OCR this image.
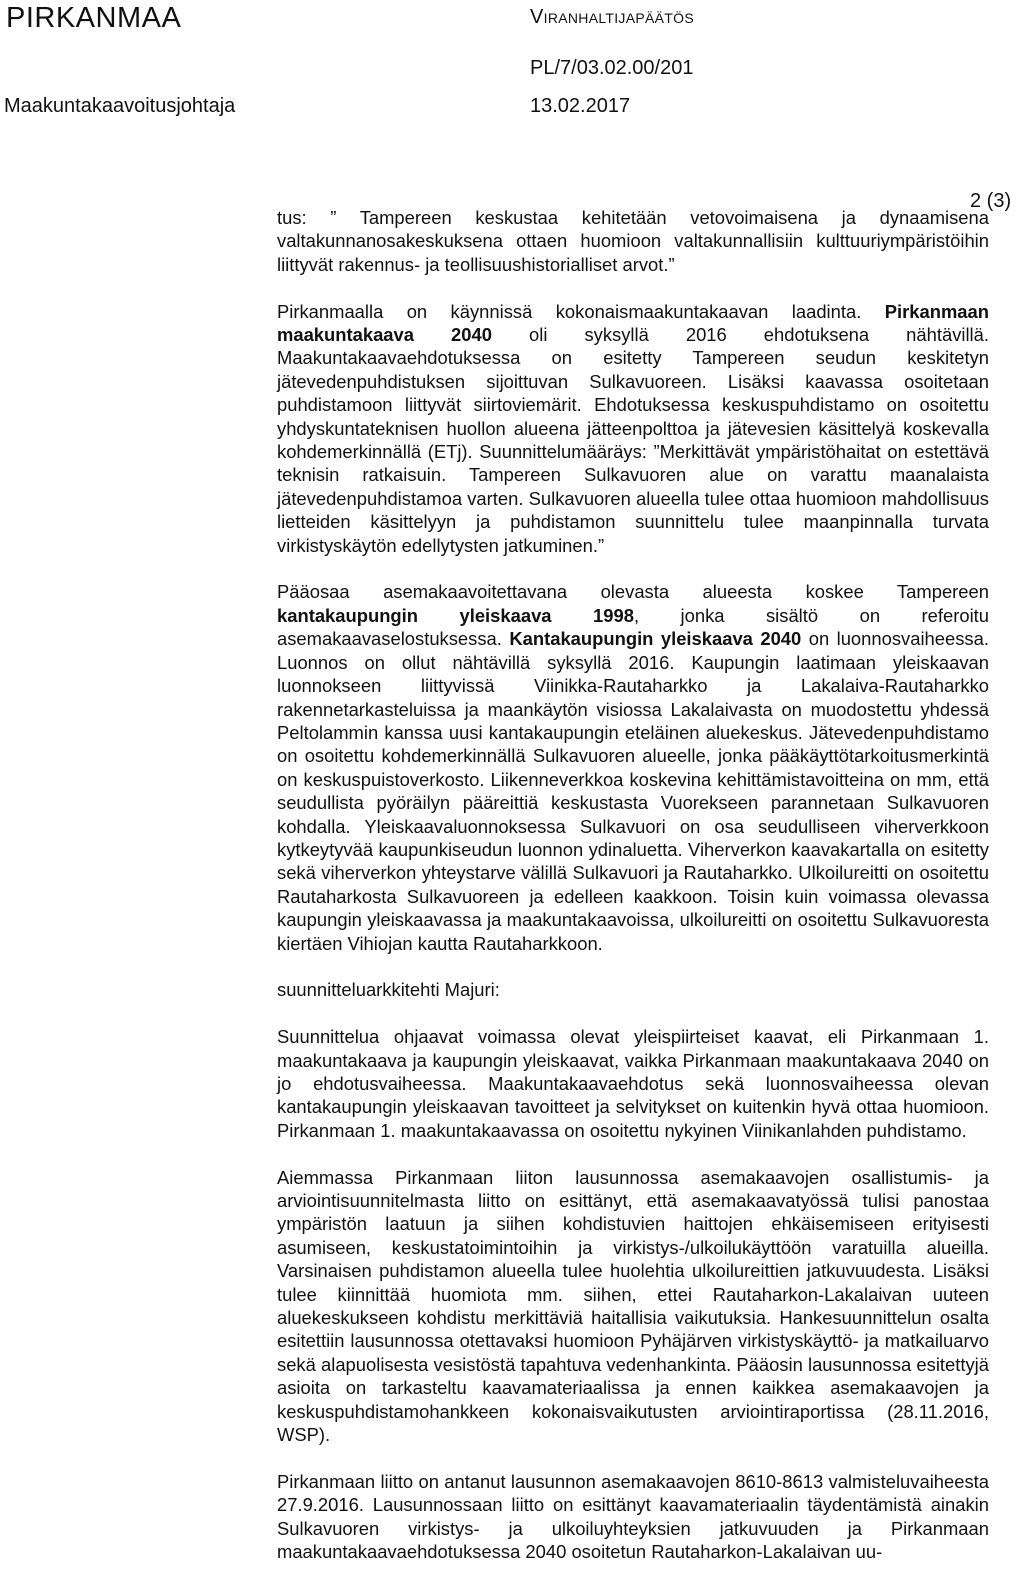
PIRKANMAA	Viranhaltijapäätös
PL/7/03.02.00/201
Maakuntakaavoitusjohtaja	13.02.2017
2 (3)

tus: ” Tampereen keskustaa kehitetään vetovoimaisena ja dynaamisena valtakunnanosakeskuksena ottaen huomioon valtakunnallisiin kulttuuriympäristöihin liittyvät rakennus- ja teollisuushistorialliset arvot.”

Pirkanmaalla on käynnissä kokonaismaakuntakaavan laadinta. Pirkanmaan maakuntakaava 2040 oli syksyllä 2016 ehdotuksena nähtävillä. Maakuntakaavaehdotuksessa on esitetty Tampereen seudun keskitetyn jätevedenpuhdistuksen sijoittuvan Sulkavuoreen. Lisäksi kaavassa osoitetaan puhdistamoon liittyvät siirtoviemärit. Ehdotuksessa keskuspuhdistamo on osoitettu yhdyskuntateknisen huollon alueena jätteenpolttoa ja jätevesien käsittelyä koskevalla kohdemerkinnällä (ETj). Suunnittelumääräys: ”Merkittävät ympäristöhaitat on estettävä teknisin ratkaisuin. Tampereen Sulkavuoren alue on varattu maanalaista jätevedenpuhdistamoa varten. Sulkavuoren alueella tulee ottaa huomioon mahdollisuus lietteiden käsittelyyn ja puhdistamon suunnittelu tulee maanpinnalla turvata virkistyskäytön edellytysten jatkuminen.”

Pääosaa asemakaavoitettavana olevasta alueesta koskee Tampereen kantakaupungin yleiskaava 1998, jonka sisältö on referoitu asemakaavaselostuksessa. Kantakaupungin yleiskaava 2040 on luonnosvaiheessa. Luonnos on ollut nähtävillä syksyllä 2016. Kaupungin laatimaan yleiskaavan luonnokseen liittyvissä Viinikka-Rautaharkko ja Lakalaiva-Rautaharkko rakennetarkasteluissa ja maankäytön visiossa Lakalaivasta on muodostettu yhdessä Peltolammin kanssa uusi kantakaupungin eteläinen aluekeskus. Jätevedenpuhdistamo on osoitettu kohdemerkinnällä Sulkavuoren alueelle, jonka pääkäyttötarkoitusmerkintä on keskuspuistoverkosto. Liikenneverkkoa koskevina kehittämistavoitteina on mm, että seudullista pyöräilyn pääreittiä keskustasta Vuorekseen parannetaan Sulkavuoren kohdalla. Yleiskaavaluonnoksessa Sulkavuori on osa seudulliseen viherverkkoon kytkeytyvää kaupunkiseudun luonnon ydinaluetta. Viherverkon kaavakartalla on esitetty sekä viherverkon yhteystarve välillä Sulkavuori ja Rautaharkko. Ulkoilureitti on osoitettu Rautaharkosta Sulkavuoreen ja edelleen kaakkoon. Toisin kuin voimassa olevassa kaupungin yleiskaavassa ja maakuntakaavoissa, ulkoilureitti on osoitettu Sulkavuoresta kiertäen Vihiojan kautta Rautaharkkoon.

suunnitteluarkkitehti Majuri:

Suunnittelua ohjaavat voimassa olevat yleispiirteiset kaavat, eli Pirkanmaan 1. maakuntakaava ja kaupungin yleiskaavat, vaikka Pirkanmaan maakuntakaava 2040 on jo ehdotusvaiheessa. Maakuntakaavaehdotus sekä luonnosvaiheessa olevan kantakaupungin yleiskaavan tavoitteet ja selvitykset on kuitenkin hyvä ottaa huomioon. Pirkanmaan 1. maakuntakaavassa on osoitettu nykyinen Viinikanlahden puhdistamo.

Aiemmassa Pirkanmaan liiton lausunnossa asemakaavojen osallistumis- ja arviointisuunnitelmasta liitto on esittänyt, että asemakaavatyössä tulisi panostaa ympäristön laatuun ja siihen kohdistuvien haittojen ehkäisemiseen erityisesti asumiseen, keskustatoimintoihin ja virkistys-/ulkoilukäyttöön varatuilla alueilla. Varsinaisen puhdistamon alueella tulee huolehtia ulkoilureittien jatkuvuudesta. Lisäksi tulee kiinnittää huomiota mm. siihen, ettei Rautaharkon-Lakalaivan uuteen aluekeskukseen kohdistu merkittäviä haitallisia vaikutuksia. Hankesuunnittelun osalta esitettiin lausunnossa otettavaksi huomioon Pyhäjärven virkistyskäyttö- ja matkailuarvo sekä alapuolisesta vesistöstä tapahtuva vedenhankinta. Pääosin lausunnossa esitettyjä asioita on tarkasteltu kaavamateriaalissa ja ennen kaikkea asemakaavojen ja keskuspuhdistamohankkeen kokonaisvaikutusten arviointiraportissa (28.11.2016, WSP).

Pirkanmaan liitto on antanut lausunnon asemakaavojen 8610-8613 valmisteluvaiheesta 27.9.2016. Lausunnossaan liitto on esittänyt kaavamateriaalin täydentämistä ainakin Sulkavuoren virkistys- ja ulkoiluyhteyksien jatkuvuuden ja Pirkanmaan maakuntakaavaehdotuksessa 2040 osoitetun Rautaharkon-Lakalaivan uu-
